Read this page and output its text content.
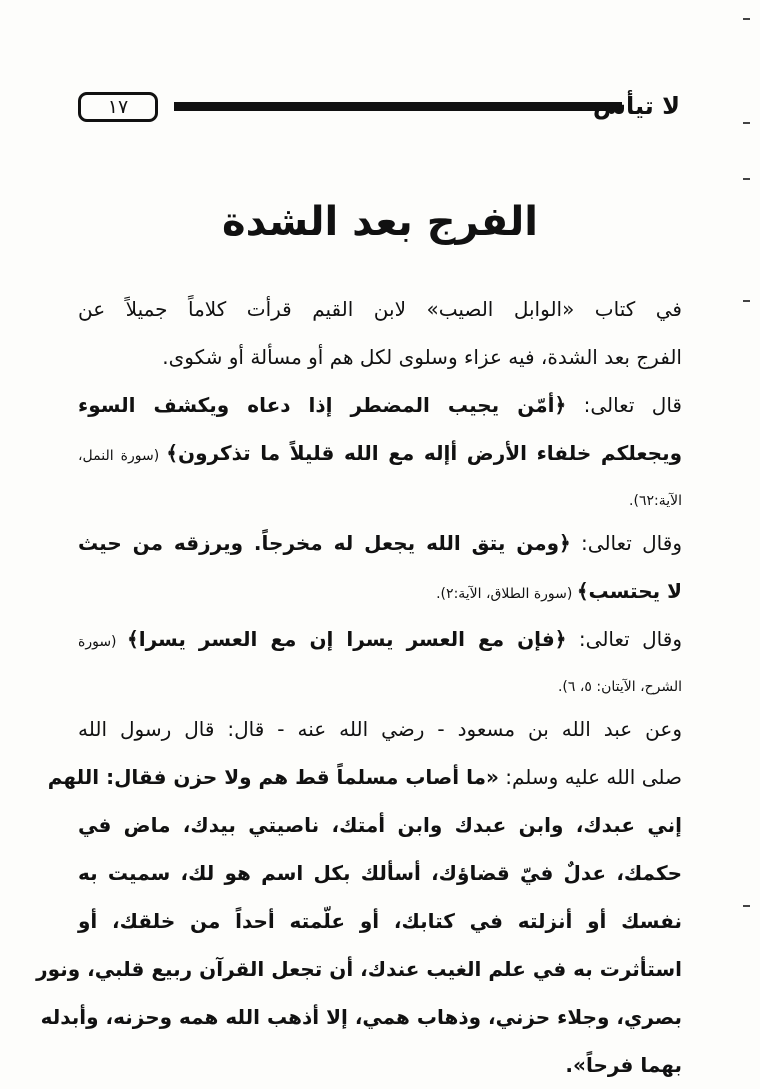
١٧	لا تيأس
الفرج بعد الشدة
في كتاب «الوابل الصيب» لابن القيم قرأت كلاماً جميلاً عن
الفرج بعد الشدة، فيه عزاء وسلوى لكل هم أو مسألة أو شكوى.
قال تعالى: ﴿أمّن يجيب المضطر إذا دعاه ويكشف السوء
ويجعلكم خلفاء الأرض أإله مع الله قليلاً ما تذكرون﴾ (سورة النمل،
الآية:٦٢).
وقال تعالى: ﴿ومن يتق الله يجعل له مخرجاً. ويرزقه من حيث
لا يحتسب﴾ (سورة الطلاق، الآية:٢).
وقال تعالى: ﴿فإن مع العسر يسرا إن مع العسر يسرا﴾ (سورة
الشرح، الآيتان: ٥، ٦).
وعن عبد الله بن مسعود - رضي الله عنه - قال: قال رسول الله
صلى الله عليه وسلم: «ما أصاب مسلماً قط هم ولا حزن فقال: اللهم
إني عبدك، وابن عبدك وابن أمتك، ناصيتي بيدك، ماض في
حكمك، عدلٌ فيّ قضاؤك، أسألك بكل اسم هو لك، سميت به
نفسك أو أنزلته في كتابك، أو علّمته أحداً من خلقك، أو
استأثرت به في علم الغيب عندك، أن تجعل القرآن ربيع قلبي، ونور
بصري، وجلاء حزني، وذهاب همي، إلا أذهب الله همه وحزنه، وأبدله
بهما فرحاً».
